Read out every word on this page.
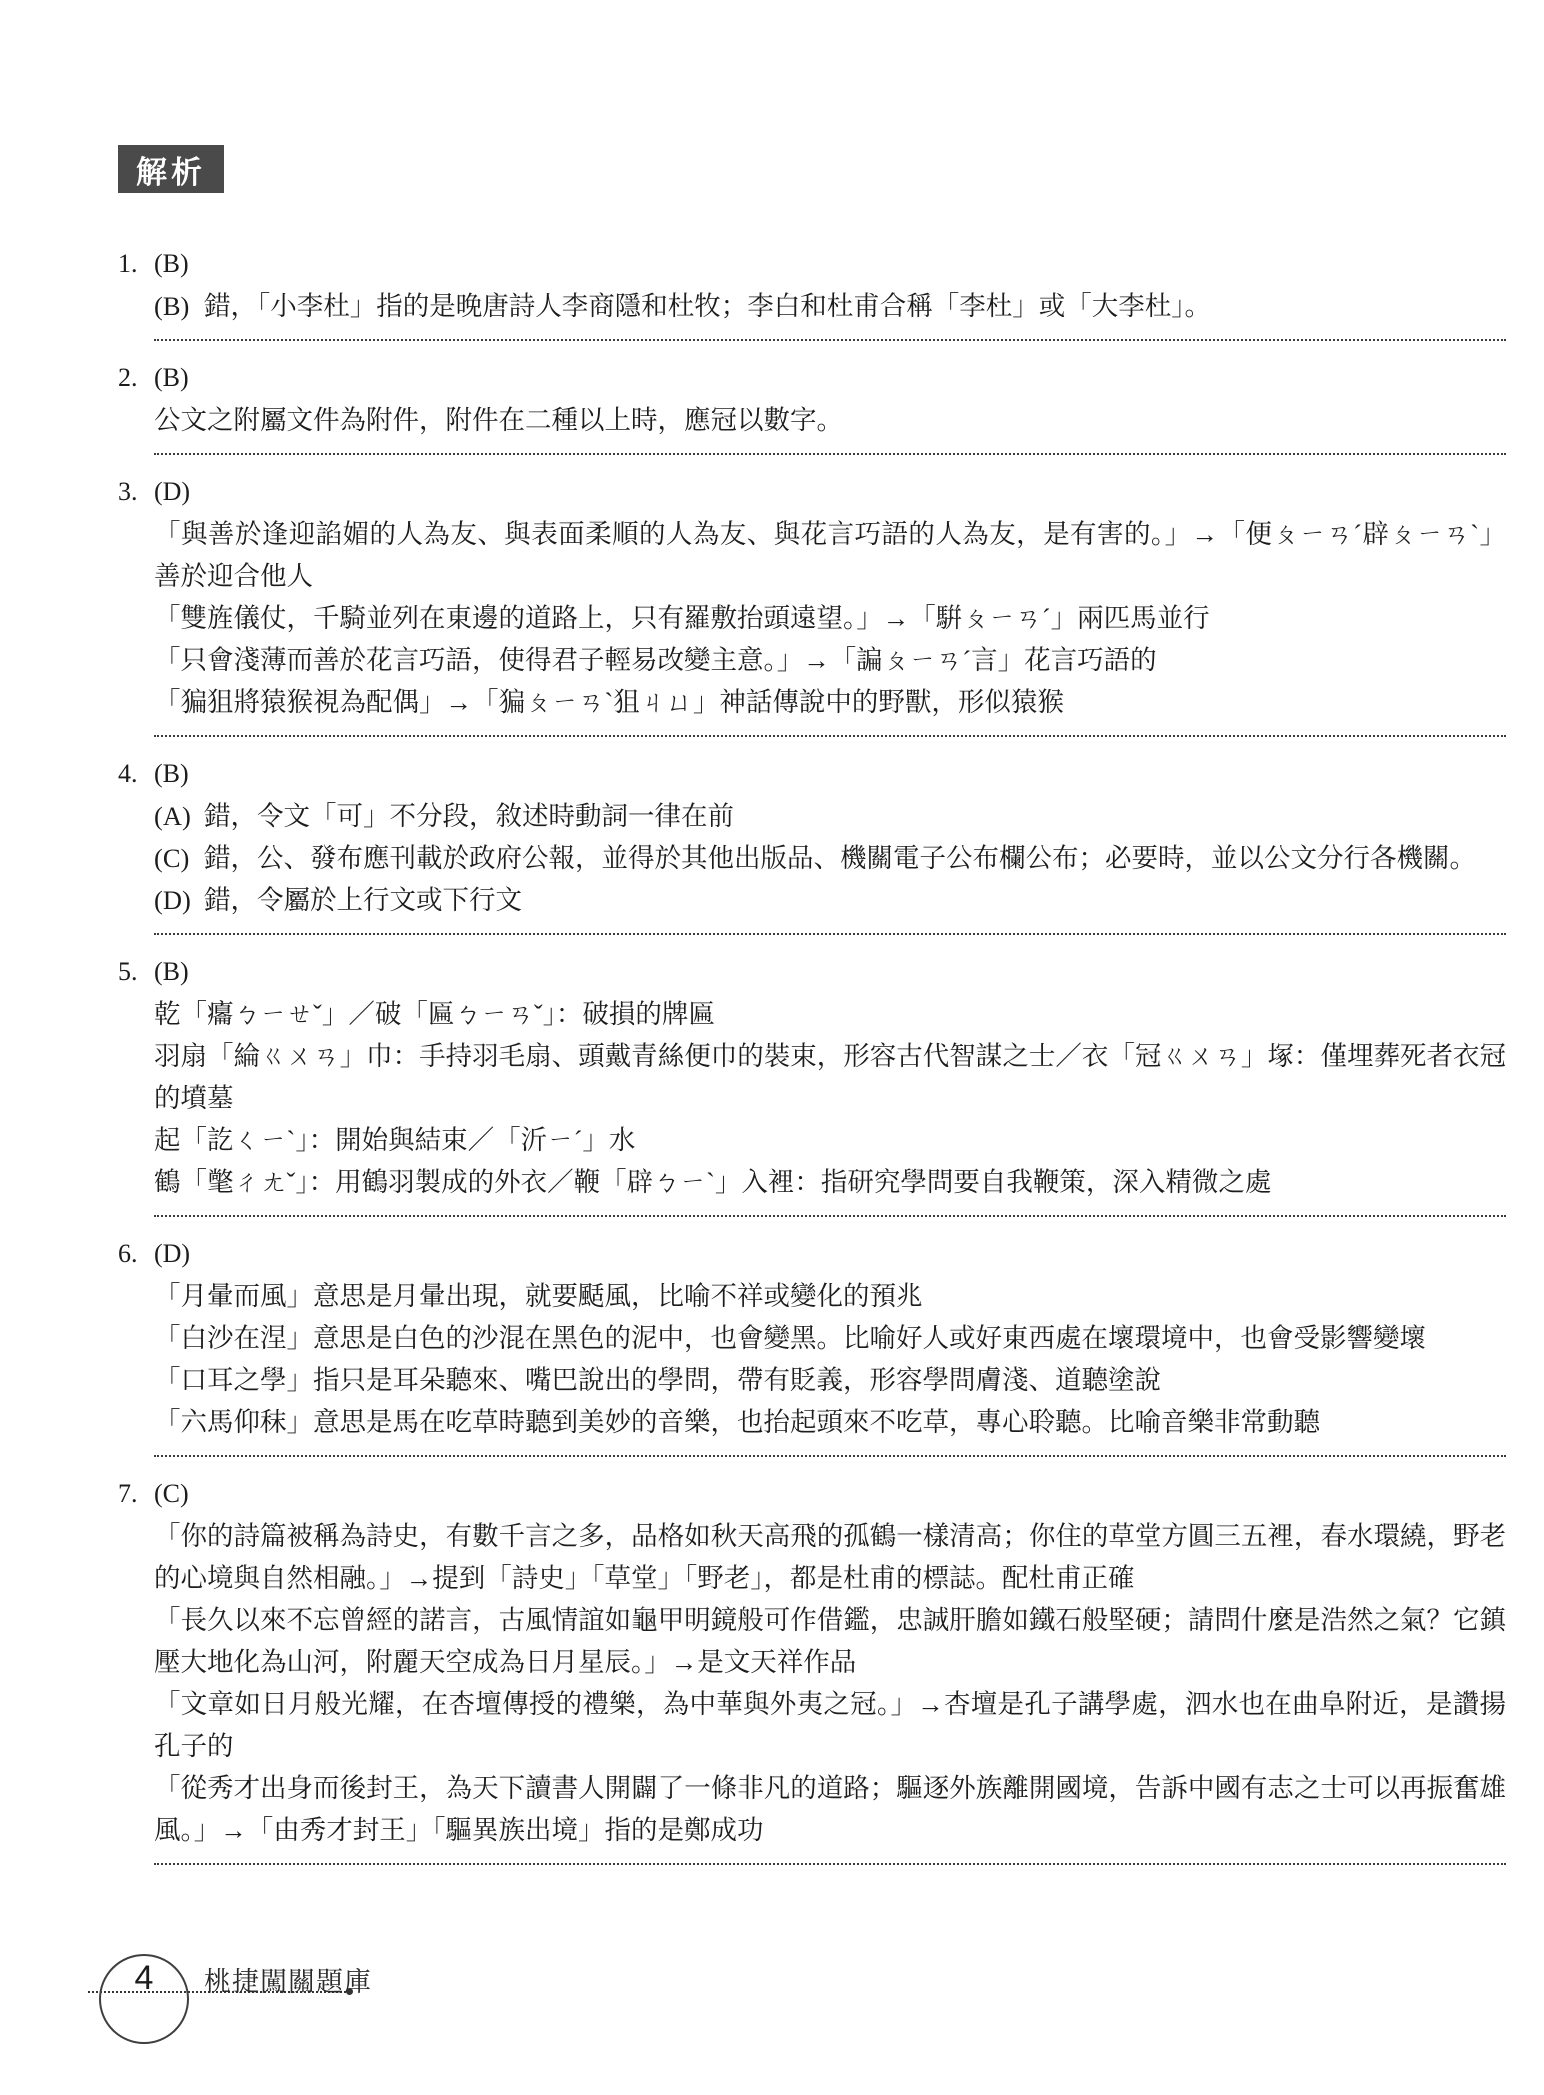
解析
1. (B)

(B) 錯，「小李杜」指的是晚唐詩人李商隱和杜牧；李白和杜甫合稱「李杜」或「大李杜」。

2. (B)

公文之附屬文件為附件，附件在二種以上時，應冠以數字。

3. (D)

「與善於逢迎諂媚的人為友、與表面柔順的人為友、與花言巧語的人為友，是有害的。」→「便ㄆㄧㄢˊ辟ㄆㄧㄢˋ」善於迎合他人

「雙旌儀仗，千騎並列在東邊的道路上，只有羅敷抬頭遠望。」→「騈ㄆㄧㄢˊ」兩匹馬並行

「只會淺薄而善於花言巧語，使得君子輕易改變主意。」→「諞ㄆㄧㄢˊ言」花言巧語的

「猵狙將猿猴視為配偶」→「猵ㄆㄧㄢˋ狙ㄐㄩ」神話傳說中的野獸，形似猿猴

4. (B)

(A) 錯，令文「可」不分段，敘述時動詞一律在前

(C) 錯，公、發布應刊載於政府公報，並得於其他出版品、機關電子公布欄公布；必要時，並以公文分行各機關。

(D) 錯，令屬於上行文或下行文

5. (B)

乾「癟ㄅㄧㄝˇ」／破「匾ㄅㄧㄢˇ」：破損的牌匾

羽扇「綸ㄍㄨㄢ」巾：手持羽毛扇、頭戴青絲便巾的裝束，形容古代智謀之士／衣「冠ㄍㄨㄢ」塚：僅埋葬死者衣冠的墳墓

起「訖ㄑㄧˋ」：開始與結束／「沂ㄧˊ」水

鶴「氅ㄔㄤˇ」：用鶴羽製成的外衣／鞭「辟ㄅㄧˋ」入裡：指研究學問要自我鞭策，深入精微之處

6. (D)

「月暈而風」意思是月暈出現，就要颳風，比喻不祥或變化的預兆

「白沙在涅」意思是白色的沙混在黑色的泥中，也會變黑。比喻好人或好東西處在壞環境中，也會受影響變壞

「口耳之學」指只是耳朵聽來、嘴巴說出的學問，帶有貶義，形容學問膚淺、道聽塗說

「六馬仰秣」意思是馬在吃草時聽到美妙的音樂，也抬起頭來不吃草，專心聆聽。比喻音樂非常動聽

7. (C)

「你的詩篇被稱為詩史，有數千言之多，品格如秋天高飛的孤鶴一樣清高；你住的草堂方圓三五裡，春水環繞，野老的心境與自然相融。」→提到「詩史」「草堂」「野老」，都是杜甫的標誌。配杜甫正確

「長久以來不忘曾經的諾言，古風情誼如龜甲明鏡般可作借鑑，忠誠肝膽如鐵石般堅硬；請問什麼是浩然之氣？它鎮壓大地化為山河，附麗天空成為日月星辰。」→是文天祥作品

「文章如日月般光耀，在杏壇傳授的禮樂，為中華與外夷之冠。」→杏壇是孔子講學處，泗水也在曲阜附近，是讚揚孔子的

「從秀才出身而後封王，為天下讀書人開闢了一條非凡的道路；驅逐外族離開國境，告訴中國有志之士可以再振奮雄風。」→「由秀才封王」「驅異族出境」指的是鄭成功

4	桃捷闖關題庫
